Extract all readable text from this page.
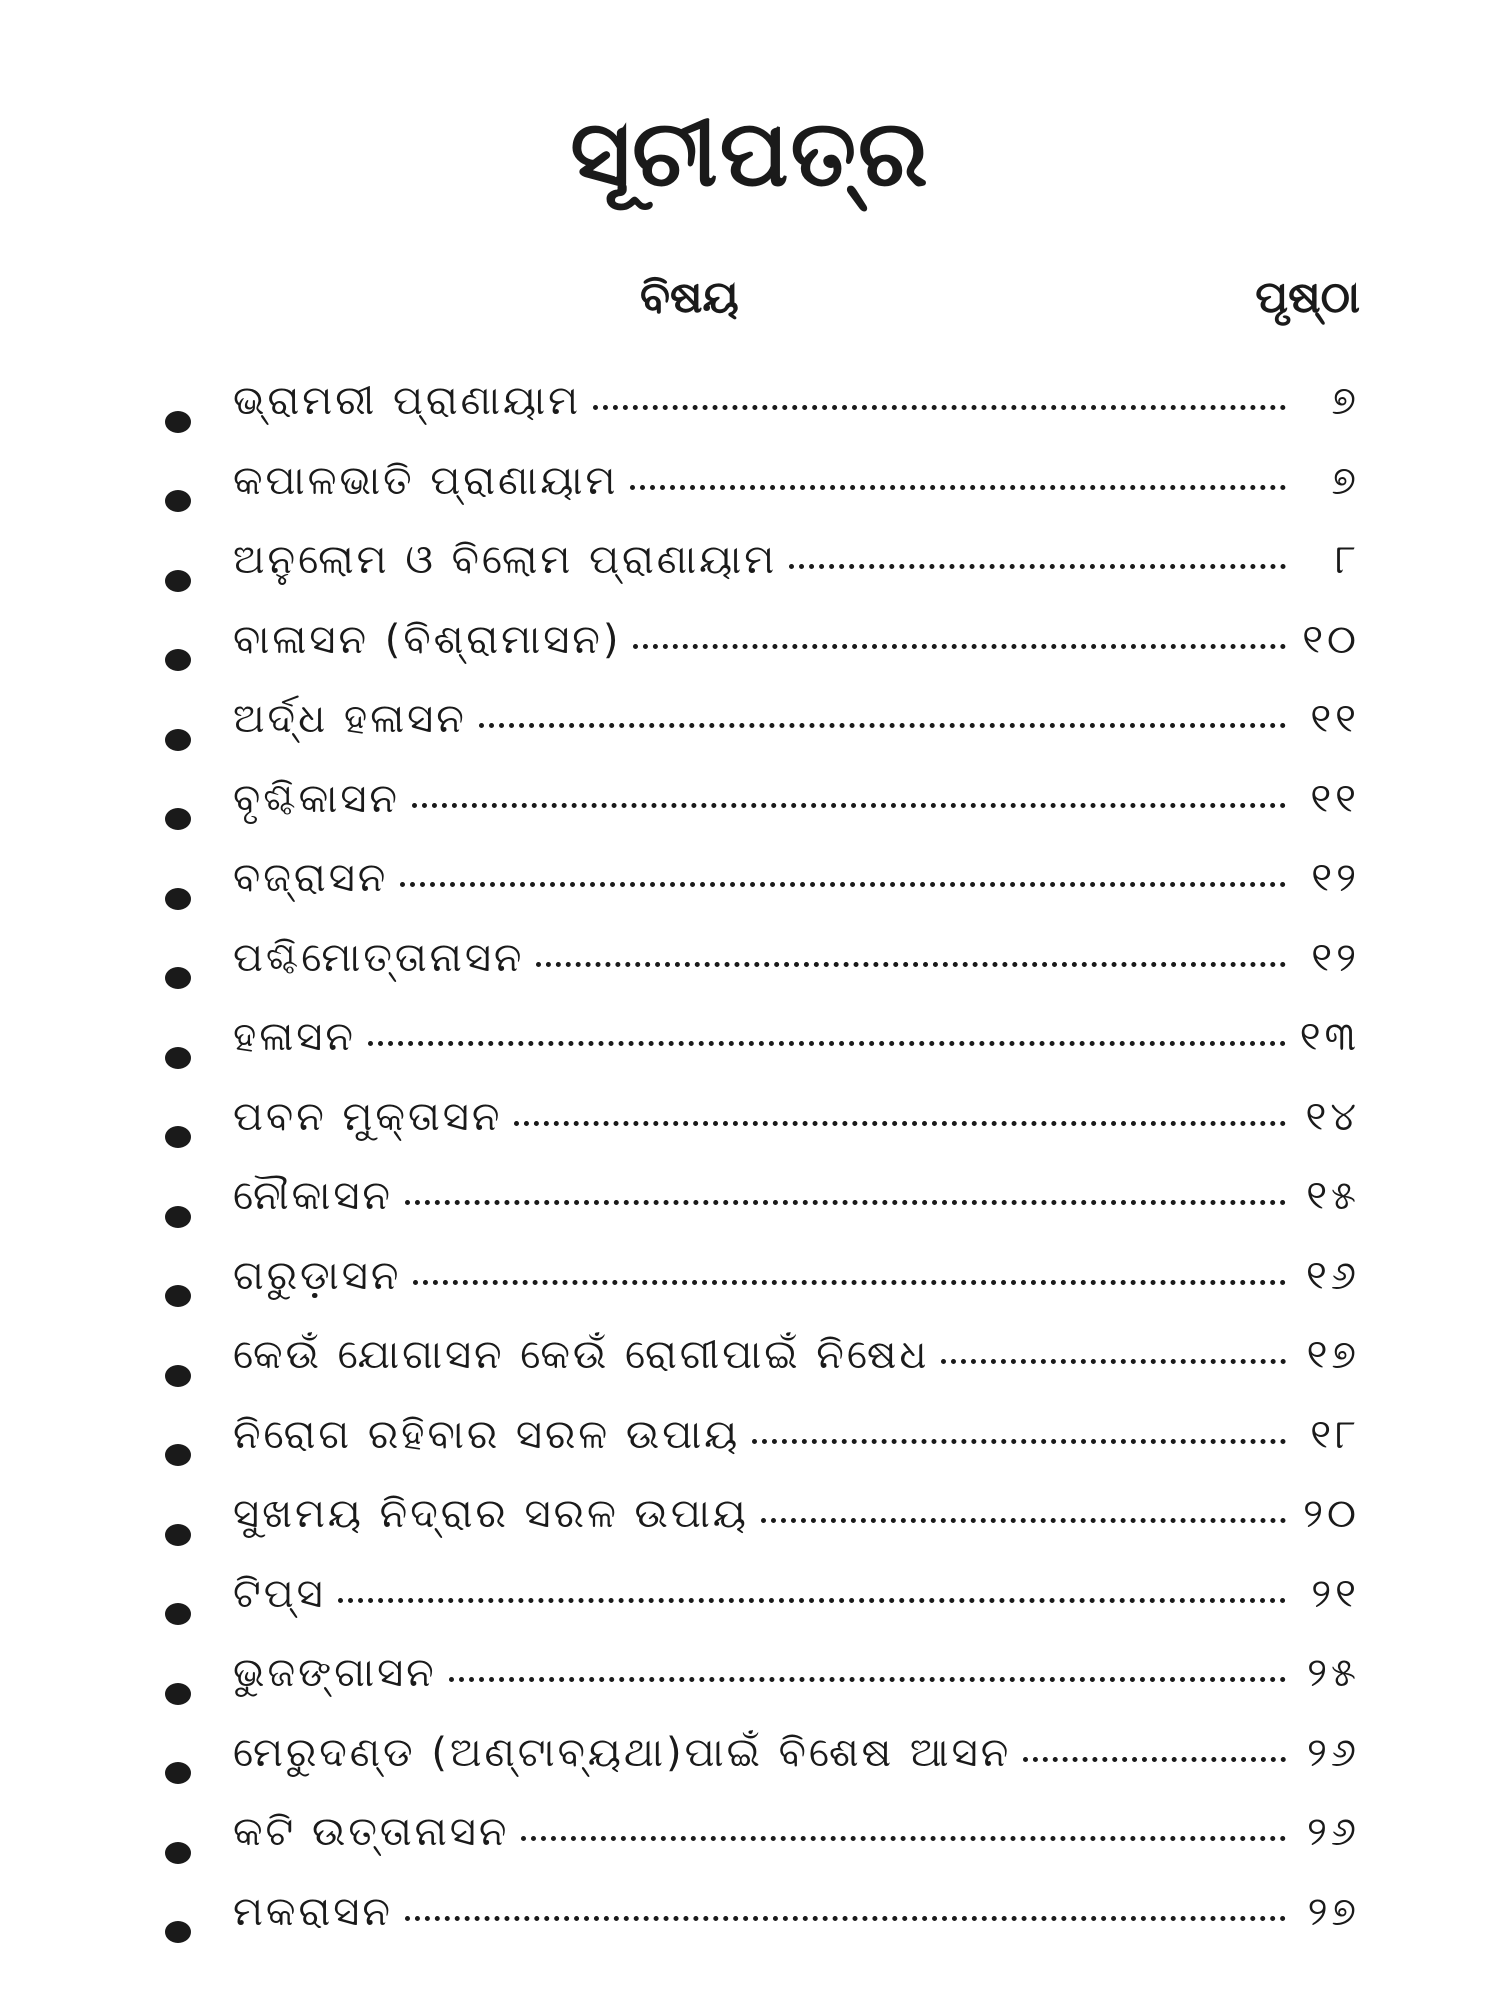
ସୂଚୀପତ୍ର
ବିଷୟ	ପୃଷ୍ଠା
ଭ୍ରାମରୀ ପ୍ରାଣାୟାମ	୭
କପାଳଭାତି ପ୍ରାଣାୟାମ	୭
ଅନୁଲୋମ ଓ ବିଲୋମ ପ୍ରାଣାୟାମ	୮
ବାଳାସନ (ବିଶ୍ରାମାସନ)	୧୦
ଅର୍ଦ୍ଧ ହଳାସନ	୧୧
ବୃଶ୍ଚିକାସନ	୧୧
ବଜ୍ରାସନ	୧୨
ପଶ୍ଚିମୋତ୍ତାନାସନ	୧୨
ହଳାସନ	୧୩
ପବନ ମୁକ୍ତାସନ	୧୪
ନୌକାସନ	୧୫
ଗରୁଡ଼ାସନ	୧୬
କେଉଁ ଯୋଗାସନ କେଉଁ ରୋଗୀପାଇଁ ନିଷେଧ	୧୭
ନିରୋଗ ରହିବାର ସରଳ ଉପାୟ	୧୮
ସୁଖମୟ ନିଦ୍ରାର ସରଳ ଉପାୟ	୨୦
ଟିପ୍ସ	୨୧
ଭୁଜଙ୍ଗାସନ	୨୫
ମେରୁଦଣ୍ଡ (ଅଣ୍ଟାବ୍ୟଥା)ପାଇଁ ବିଶେଷ ଆସନ	୨୬
କଟି ଉତ୍ତାନାସନ	୨୬
ମକରାସନ	୨୭
